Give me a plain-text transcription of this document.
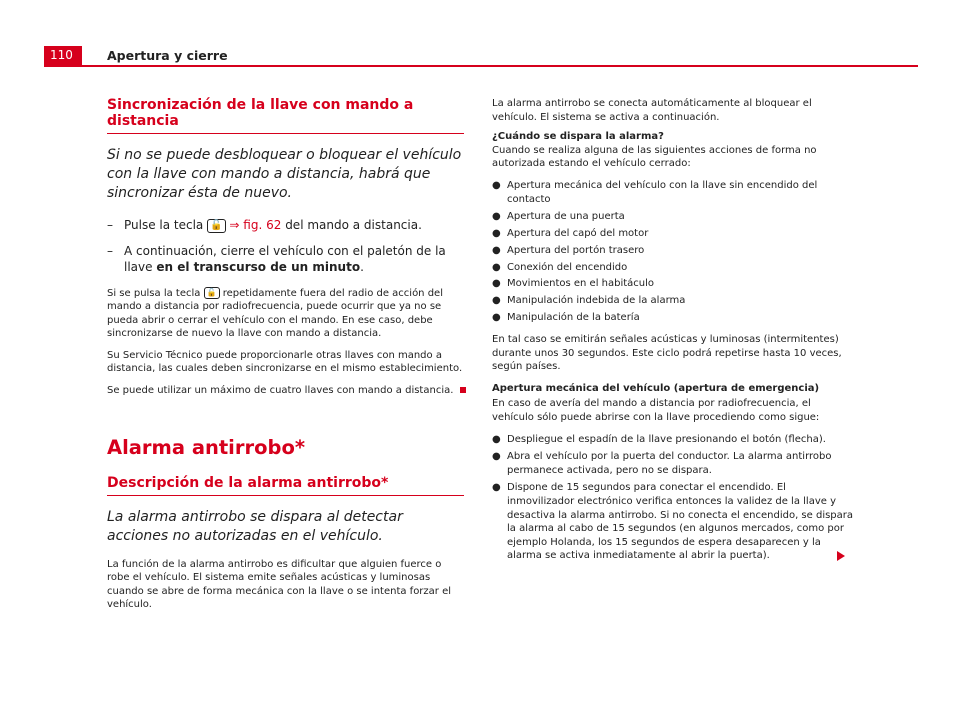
110	Apertura y cierre
Sincronización de la llave con mando a distancia

Si no se puede desbloquear o bloquear el vehículo con la llave con mando a distancia, habrá que sincronizar ésta de nuevo.

– Pulse la tecla 🔓 ⇒ fig. 62 del mando a distancia.

– A continuación, cierre el vehículo con el paletón de la llave en el transcurso de un minuto.

Si se pulsa la tecla 🔓 repetidamente fuera del radio de acción del mando a distancia por radiofrecuencia, puede ocurrir que ya no se pueda abrir o cerrar el vehículo con el mando. En ese caso, debe sincronizarse de nuevo la llave con mando a distancia.

Su Servicio Técnico puede proporcionarle otras llaves con mando a distancia, las cuales deben sincronizarse en el mismo establecimiento.

Se puede utilizar un máximo de cuatro llaves con mando a distancia.

Alarma antirrobo*
Descripción de la alarma antirrobo*

La alarma antirrobo se dispara al detectar acciones no autorizadas en el vehículo.

La función de la alarma antirrobo es dificultar que alguien fuerce o robe el vehículo. El sistema emite señales acústicas y luminosas cuando se abre de forma mecánica con la llave o se intenta forzar el vehículo.

La alarma antirrobo se conecta automáticamente al bloquear el vehículo. El sistema se activa a continuación.

¿Cuándo se dispara la alarma?

Cuando se realiza alguna de las siguientes acciones de forma no autorizada estando el vehículo cerrado:

● Apertura mecánica del vehículo con la llave sin encendido del contacto

● Apertura de una puerta

● Apertura del capó del motor

● Apertura del portón trasero

● Conexión del encendido

● Movimientos en el habitáculo

● Manipulación indebida de la alarma

● Manipulación de la batería

En tal caso se emitirán señales acústicas y luminosas (intermitentes) durante unos 30 segundos. Este ciclo podrá repetirse hasta 10 veces, según países.

Apertura mecánica del vehículo (apertura de emergencia)

En caso de avería del mando a distancia por radiofrecuencia, el vehículo sólo puede abrirse con la llave procediendo como sigue:

● Despliegue el espadín de la llave presionando el botón (flecha).

● Abra el vehículo por la puerta del conductor. La alarma antirrobo permanece activada, pero no se dispara.

● Dispone de 15 segundos para conectar el encendido. El inmovilizador electrónico verifica entonces la validez de la llave y desactiva la alarma antirrobo. Si no conecta el encendido, se dispara la alarma al cabo de 15 segundos (en algunos mercados, como por ejemplo Holanda, los 15 segundos de espera desaparecen y la alarma se activa inmediatamente al abrir la puerta).
